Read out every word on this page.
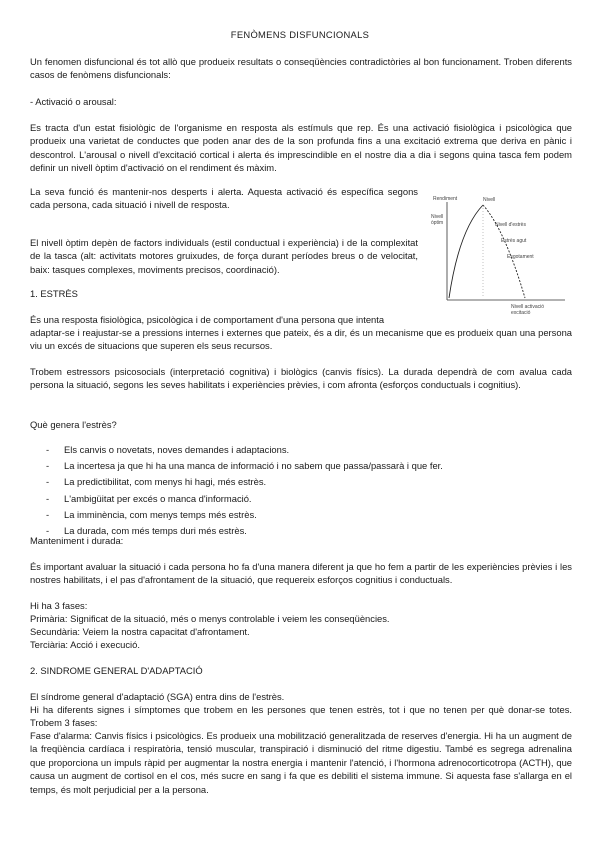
FENÒMENS DISFUNCIONALS

Un fenomen disfuncional és tot allò que produeix resultats o conseqüències contradictòries al bon funcionament. Troben diferents casos de fenòmens disfuncionals:

- Activació o arousal:

Es tracta d'un estat fisiològic de l'organisme en resposta als estímuls que rep. És una activació fisiològica i psicològica que produeix una varietat de conductes que poden anar des de la son profunda fins a una excitació extrema que deriva en pànic i descontrol. L'arousal o nivell d'excitació cortical i alerta és imprescindible en el nostre dia a dia i segons quina tasca fem podem definir un nivell òptim d'activació on el rendiment és màxim.

La seva funció és mantenir-nos desperts i alerta. Aquesta activació és específica segons cada persona, cada situació i nivell de resposta.

El nivell òptim depèn de factors individuals (estil conductual i experiència) i de la complexitat de la tasca (alt: activitats motores gruixudes, de força durant períodes breus o de velocitat, baix: tasques complexes, moviments precisos, coordinació).

Rendiment	Nivell
Nivell
òptim	Nivell d'estrès
Estrès agut
Esgotament
Nivell activació
excitació

1. ESTRÈS

És una resposta fisiològica, psicològica i de comportament d'una persona que intenta

adaptar-se i reajustar-se a pressions internes i externes que pateix, és a dir, és un mecanisme que es produeix quan una persona viu un excés de situacions que superen els seus recursos.

Trobem estressors psicosocials (interpretació cognitiva) i biològics (canvis físics). La durada dependrà de com avalua cada persona la situació, segons les seves habilitats i experiències prèvies, i com afronta (esforços conductuals i cognitius).

Què genera l'estrès?

- Els canvis o novetats, noves demandes i adaptacions.
- La incertesa ja que hi ha una manca de informació i no sabem que passa/passarà i que fer.
- La predictibilitat, com menys hi hagi, més estrès.
- L'ambigüitat per excés o manca d'informació.
- La imminència, com menys temps més estrès.
- La durada, com més temps duri més estrès.

Manteniment i durada:

És important avaluar la situació i cada persona ho fa d'una manera diferent ja que ho fem a partir de les experiències prèvies i les nostres habilitats, i el pas d'afrontament de la situació, que requereix esforços cognitius i conductuals.

Hi ha 3 fases:

Primària: Significat de la situació, més o menys controlable i veiem les conseqüències.

Secundària: Veiem la nostra capacitat d'afrontament.

Terciària: Acció i execució.

2. SINDROME GENERAL D'ADAPTACIÓ

El síndrome general d'adaptació (SGA) entra dins de l'estrès.

Hi ha diferents signes i símptomes que trobem en les persones que tenen estrès, tot i que no tenen per què donar-se totes. Trobem 3 fases:

Fase d'alarma: Canvis físics i psicològics. Es produeix una mobilització generalitzada de reserves d'energia. Hi ha un augment de la freqüència cardíaca i respiratòria, tensió muscular, transpiració i disminució del ritme digestiu. També es segrega adrenalina que proporciona un impuls ràpid per augmentar la nostra energia i mantenir l'atenció, i l'hormona adrenocorticotropa (ACTH), que causa un augment de cortisol en el cos, més sucre en sang i fa que es debiliti el sistema immune. Si aquesta fase s'allarga en el temps, és molt perjudicial per a la persona.
